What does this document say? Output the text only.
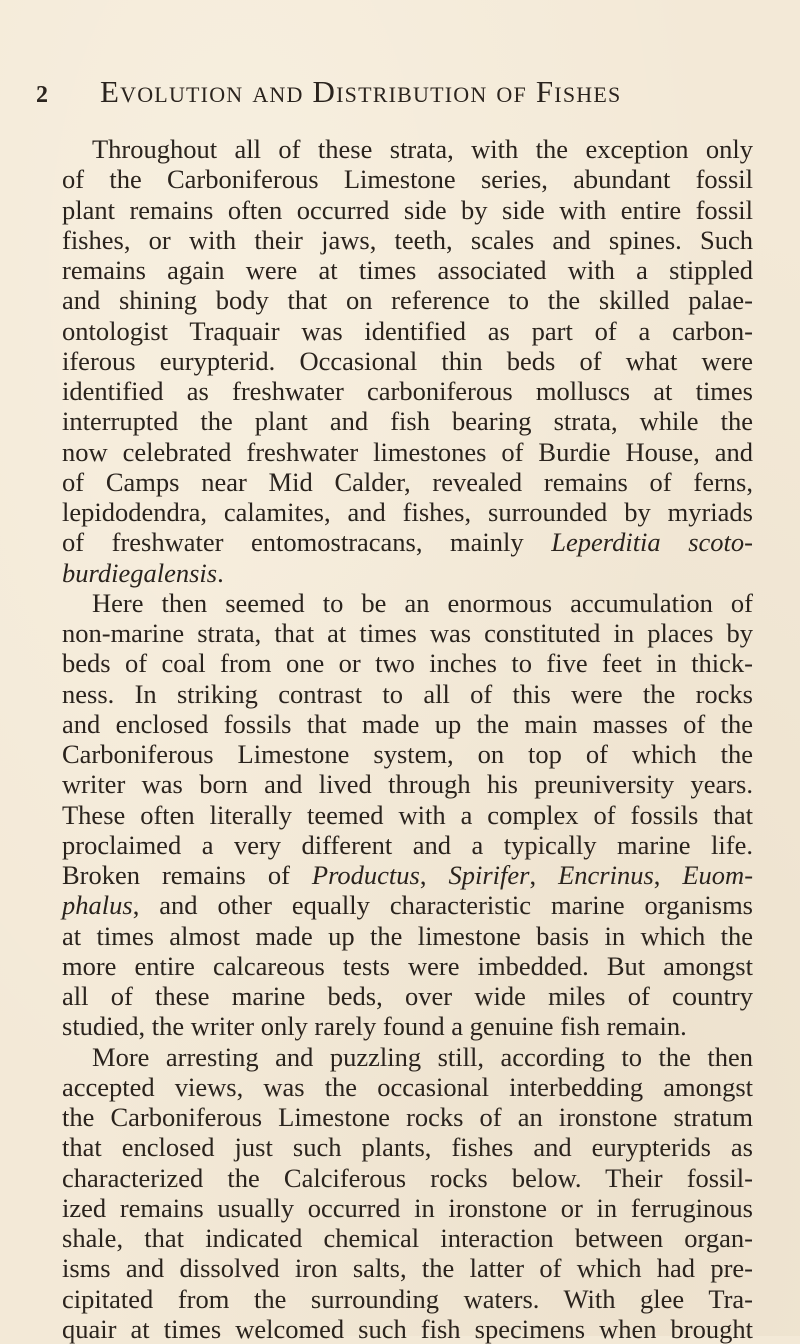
2 Evolution and Distribution of Fishes
Throughout all of these strata, with the exception only
of the Carboniferous Limestone series, abundant fossil
plant remains often occurred side by side with entire fossil
fishes, or with their jaws, teeth, scales and spines. Such
remains again were at times associated with a stippled
and shining body that on reference to the skilled palae-
ontologist Traquair was identified as part of a carbon-
iferous eurypterid. Occasional thin beds of what were
identified as freshwater carboniferous molluscs at times
interrupted the plant and fish bearing strata, while the
now celebrated freshwater limestones of Burdie House, and
of Camps near Mid Calder, revealed remains of ferns,
lepidodendra, calamites, and fishes, surrounded by myriads
of freshwater entomostracans, mainly Leperditia scoto-
burdiegalensis.
Here then seemed to be an enormous accumulation of
non-marine strata, that at times was constituted in places by
beds of coal from one or two inches to five feet in thick-
ness. In striking contrast to all of this were the rocks
and enclosed fossils that made up the main masses of the
Carboniferous Limestone system, on top of which the
writer was born and lived through his preuniversity years.
These often literally teemed with a complex of fossils that
proclaimed a very different and a typically marine life.
Broken remains of Productus, Spirifer, Encrinus, Euom-
phalus, and other equally characteristic marine organisms
at times almost made up the limestone basis in which the
more entire calcareous tests were imbedded. But amongst
all of these marine beds, over wide miles of country
studied, the writer only rarely found a genuine fish remain.
More arresting and puzzling still, according to the then
accepted views, was the occasional interbedding amongst
the Carboniferous Limestone rocks of an ironstone stratum
that enclosed just such plants, fishes and eurypterids as
characterized the Calciferous rocks below. Their fossil-
ized remains usually occurred in ironstone or in ferruginous
shale, that indicated chemical interaction between organ-
isms and dissolved iron salts, the latter of which had pre-
cipitated from the surrounding waters. With glee Tra-
quair at times welcomed such fish specimens when brought
